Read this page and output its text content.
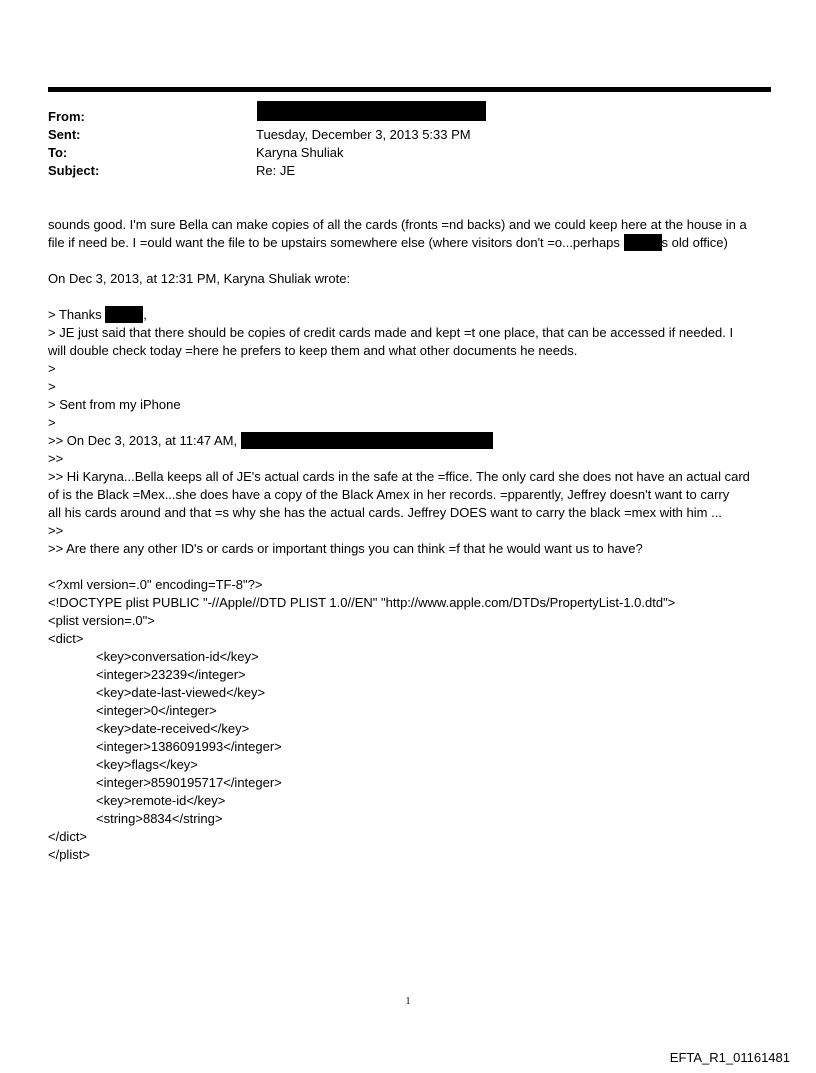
From:
Sent:	Tuesday, December 3, 2013 5:33 PM
To:	Karyna Shuliak
Subject:	Re: JE
sounds good. I'm sure Bella can make copies of all the cards (fronts =nd backs) and we could keep here at the house in a
file if need be. I =ould want the file to be upstairs somewhere else (where visitors don't =o...perhaps	s old office)
On Dec 3, 2013, at 12:31 PM, Karyna Shuliak wrote:
> Thanks	,
> JE just said that there should be copies of credit cards made and kept =t one place, that can be accessed if needed. I
will double check today =here he prefers to keep them and what other documents he needs.
>
>
> Sent from my iPhone
>
>> On Dec 3, 2013, at 11:47 AM,
>>
>> Hi Karyna...Bella keeps all of JE's actual cards in the safe at the =ffice. The only card she does not have an actual card
of is the Black =Mex...she does have a copy of the Black Amex in her records. =pparently, Jeffrey doesn't want to carry
all his cards around and that =s why she has the actual cards. Jeffrey DOES want to carry the black =mex with him ...
>>
>> Are there any other ID's or cards or important things you can think =f that he would want us to have?
<?xml version=.0" encoding=TF-8"?>
<!DOCTYPE plist PUBLIC "-//Apple//DTD PLIST 1.0//EN" "http://www.apple.com/DTDs/PropertyList-1.0.dtd">
<plist version=.0">
<dict>
<key>conversation-id</key>
<integer>23239</integer>
<key>date-last-viewed</key>
<integer>0</integer>
<key>date-received</key>
<integer>1386091993</integer>
<key>flags</key>
<integer>8590195717</integer>
<key>remote-id</key>
<string>8834</string>
</dict>
</plist>
1
EFTA_R1_01161481
